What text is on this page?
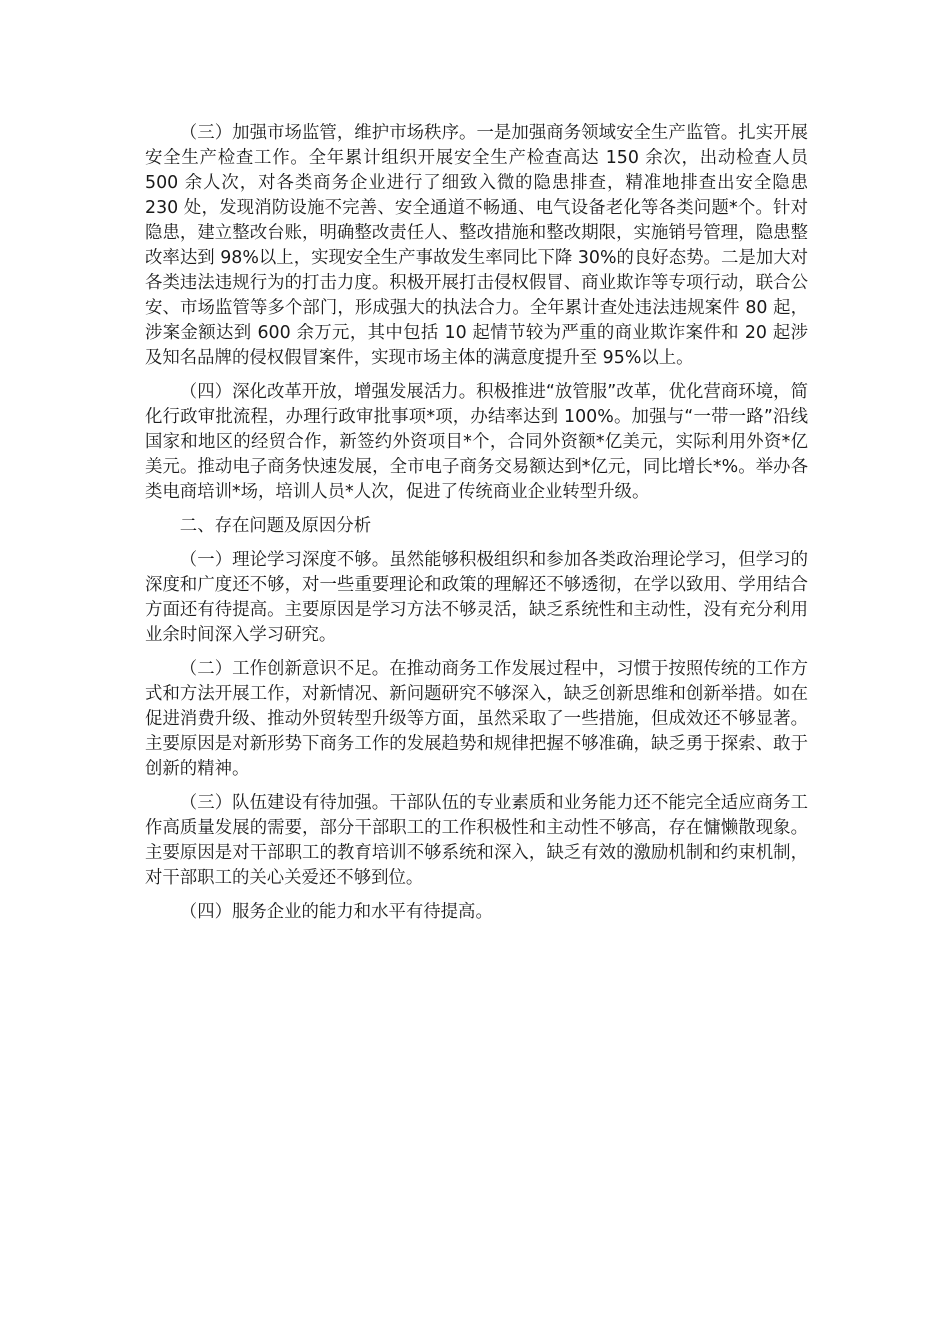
（三）加强市场监管，维护市场秩序。一是加强商务领域安全生产监管。扎实开展安全生产检查工作。全年累计组织开展安全生产检查高达 150 余次，出动检查人员 500 余人次，对各类商务企业进行了细致入微的隐患排查，精准地排查出安全隐患 230 处，发现消防设施不完善、安全通道不畅通、电气设备老化等各类问题*个。针对隐患，建立整改台账，明确整改责任人、整改措施和整改期限，实施销号管理，隐患整改率达到 98%以上，实现安全生产事故发生率同比下降 30%的良好态势。二是加大对各类违法违规行为的打击力度。积极开展打击侵权假冒、商业欺诈等专项行动，联合公安、市场监管等多个部门，形成强大的执法合力。全年累计查处违法违规案件 80 起，涉案金额达到 600 余万元，其中包括 10 起情节较为严重的商业欺诈案件和 20 起涉及知名品牌的侵权假冒案件，实现市场主体的满意度提升至 95%以上。

（四）深化改革开放，增强发展活力。积极推进“放管服”改革，优化营商环境，简化行政审批流程，办理行政审批事项*项，办结率达到 100%。加强与“一带一路”沿线国家和地区的经贸合作，新签约外资项目*个，合同外资额*亿美元，实际利用外资*亿美元。推动电子商务快速发展，全市电子商务交易额达到*亿元，同比增长*%。举办各类电商培训*场，培训人员*人次，促进了传统商业企业转型升级。

二、存在问题及原因分析

（一）理论学习深度不够。虽然能够积极组织和参加各类政治理论学习，但学习的深度和广度还不够，对一些重要理论和政策的理解还不够透彻，在学以致用、学用结合方面还有待提高。主要原因是学习方法不够灵活，缺乏系统性和主动性，没有充分利用业余时间深入学习研究。

（二）工作创新意识不足。在推动商务工作发展过程中，习惯于按照传统的工作方式和方法开展工作，对新情况、新问题研究不够深入，缺乏创新思维和创新举措。如在促进消费升级、推动外贸转型升级等方面，虽然采取了一些措施，但成效还不够显著。主要原因是对新形势下商务工作的发展趋势和规律把握不够准确，缺乏勇于探索、敢于创新的精神。

（三）队伍建设有待加强。干部队伍的专业素质和业务能力还不能完全适应商务工作高质量发展的需要，部分干部职工的工作积极性和主动性不够高，存在慵懒散现象。主要原因是对干部职工的教育培训不够系统和深入，缺乏有效的激励机制和约束机制，对干部职工的关心关爱还不够到位。

（四）服务企业的能力和水平有待提高。
